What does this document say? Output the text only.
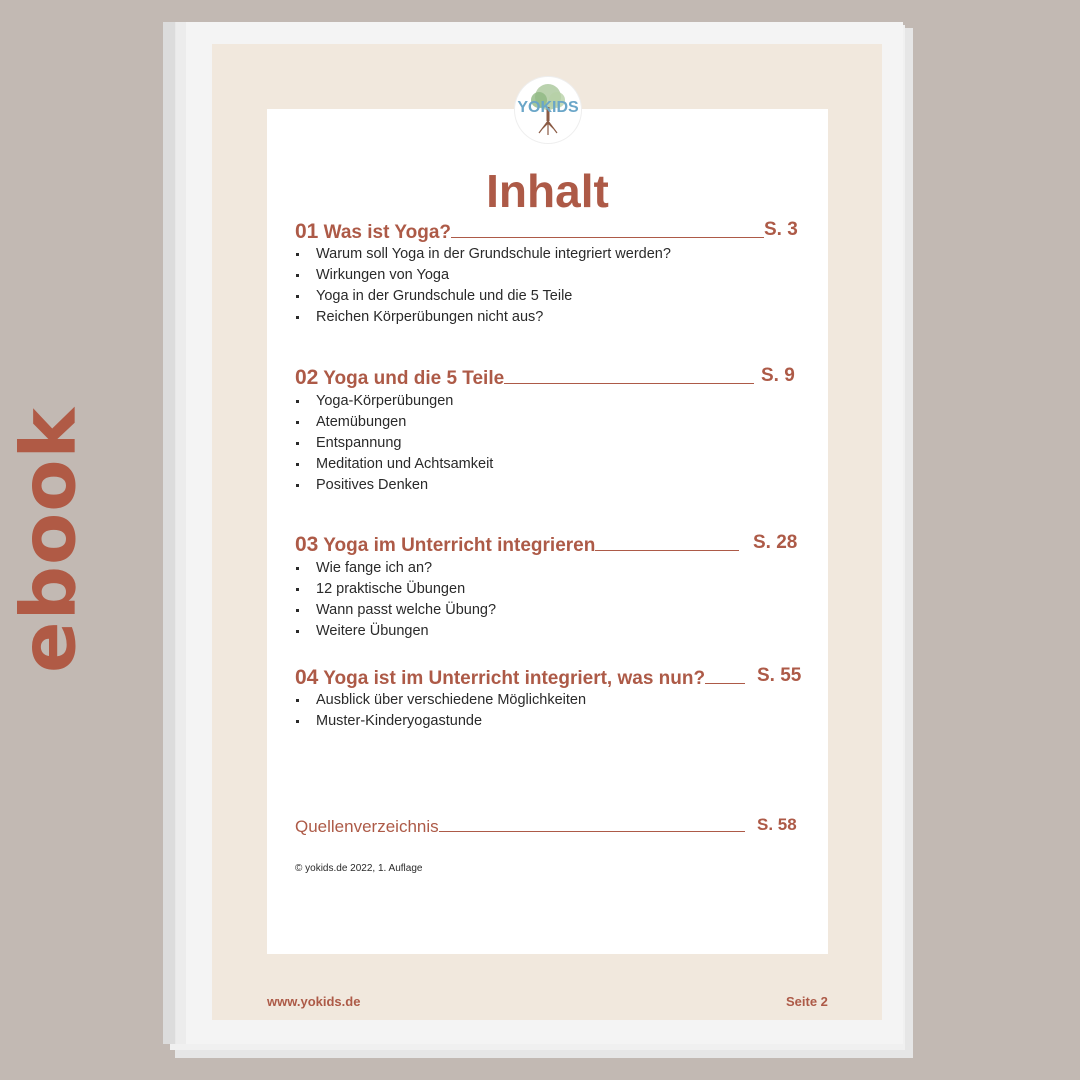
ebook
YOKIDS
Inhalt
01 Was ist Yoga?	S. 3
Warum soll Yoga in der Grundschule integriert werden?
Wirkungen von Yoga
Yoga in der Grundschule und die 5 Teile
Reichen Körperübungen nicht aus?
02 Yoga und die 5 Teile	S. 9
Yoga-Körperübungen
Atemübungen
Entspannung
Meditation und Achtsamkeit
Positives Denken
03 Yoga im Unterricht integrieren	S. 28
Wie fange ich an?
12 praktische Übungen
Wann passt welche Übung?
Weitere Übungen
04 Yoga ist im Unterricht integriert, was nun?	S. 55
Ausblick über verschiedene Möglichkeiten
Muster-Kinderyogastunde
Quellenverzeichnis	S. 58
© yokids.de 2022, 1. Auflage
www.yokids.de	Seite 2
